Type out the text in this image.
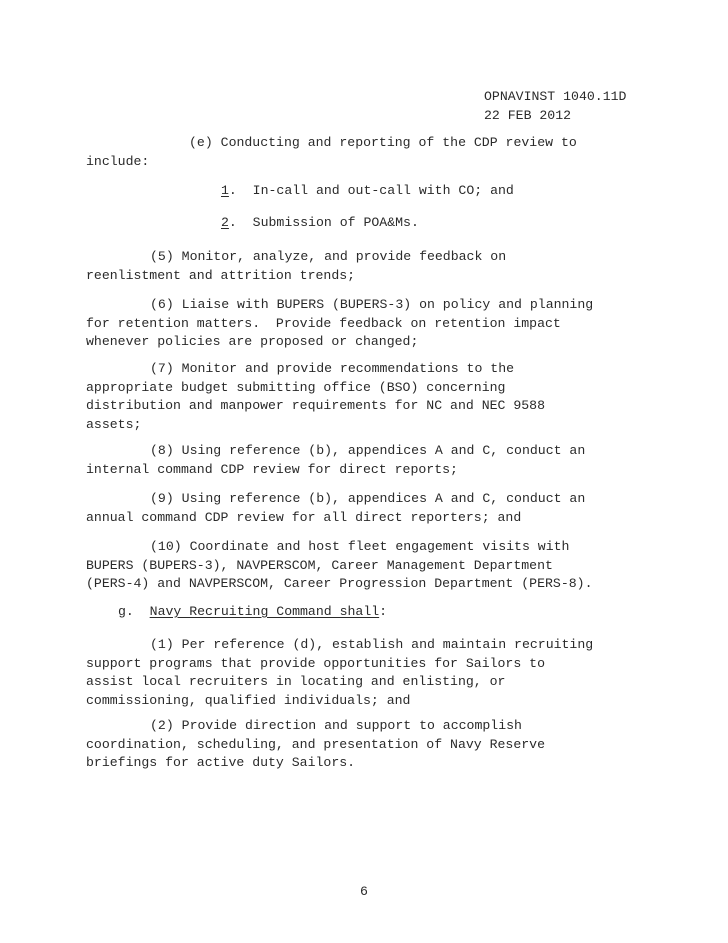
OPNAVINST 1040.11D
22 FEB 2012
(e) Conducting and reporting of the CDP review to
include:
1.  In-call and out-call with CO; and
2.  Submission of POA&Ms.
(5) Monitor, analyze, and provide feedback on
reenlistment and attrition trends;
(6) Liaise with BUPERS (BUPERS-3) on policy and planning
for retention matters.  Provide feedback on retention impact
whenever policies are proposed or changed;
(7) Monitor and provide recommendations to the
appropriate budget submitting office (BSO) concerning
distribution and manpower requirements for NC and NEC 9588
assets;
(8) Using reference (b), appendices A and C, conduct an
internal command CDP review for direct reports;
(9) Using reference (b), appendices A and C, conduct an
annual command CDP review for all direct reporters; and
(10) Coordinate and host fleet engagement visits with
BUPERS (BUPERS-3), NAVPERSCOM, Career Management Department
(PERS-4) and NAVPERSCOM, Career Progression Department (PERS-8).
g. Navy Recruiting Command shall:
(1) Per reference (d), establish and maintain recruiting
support programs that provide opportunities for Sailors to
assist local recruiters in locating and enlisting, or
commissioning, qualified individuals; and
(2) Provide direction and support to accomplish
coordination, scheduling, and presentation of Navy Reserve
briefings for active duty Sailors.
6
